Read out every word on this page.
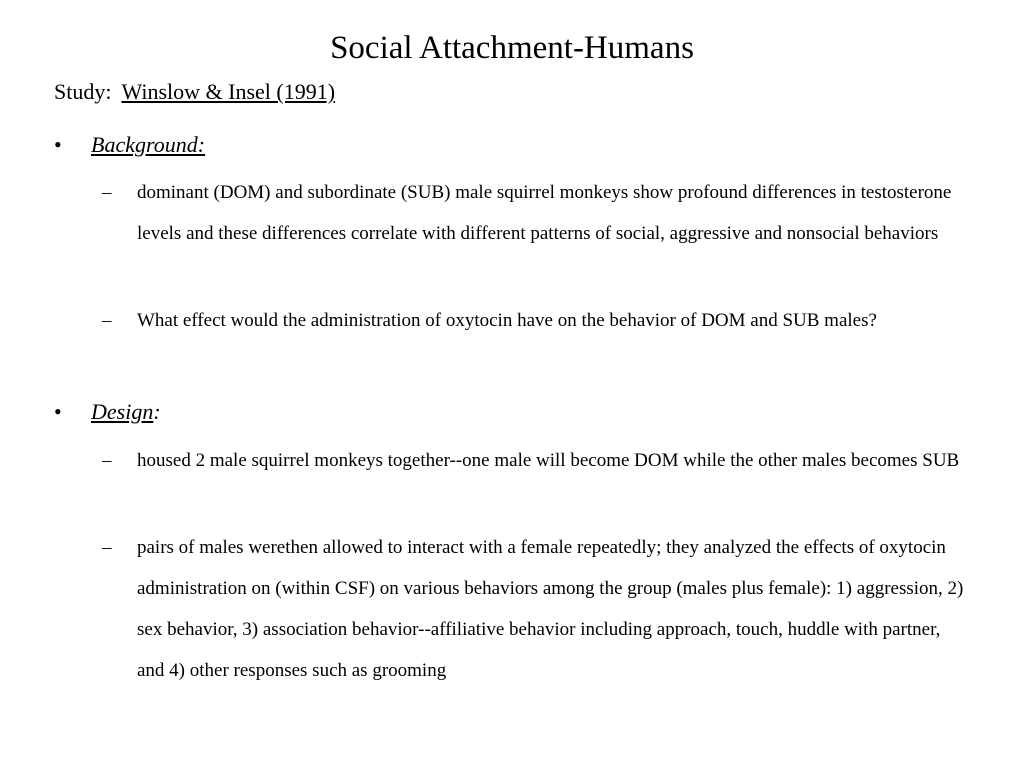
Social Attachment-Humans
Study: Winslow & Insel (1991)
• Background:
– dominant (DOM) and subordinate (SUB) male squirrel monkeys show profound differences in testosterone levels and these differences correlate with different patterns of social, aggressive and nonsocial behaviors
– What effect would the administration of oxytocin have on the behavior of DOM and SUB males?
• Design:
– housed 2 male squirrel monkeys together--one male will become DOM while the other males becomes SUB
– pairs of males werethen allowed to interact with a female repeatedly; they analyzed the effects of oxytocin administration on (within CSF) on various behaviors among the group (males plus female): 1) aggression, 2) sex behavior, 3) association behavior--affiliative behavior including approach, touch, huddle with partner, and 4) other responses such as grooming
